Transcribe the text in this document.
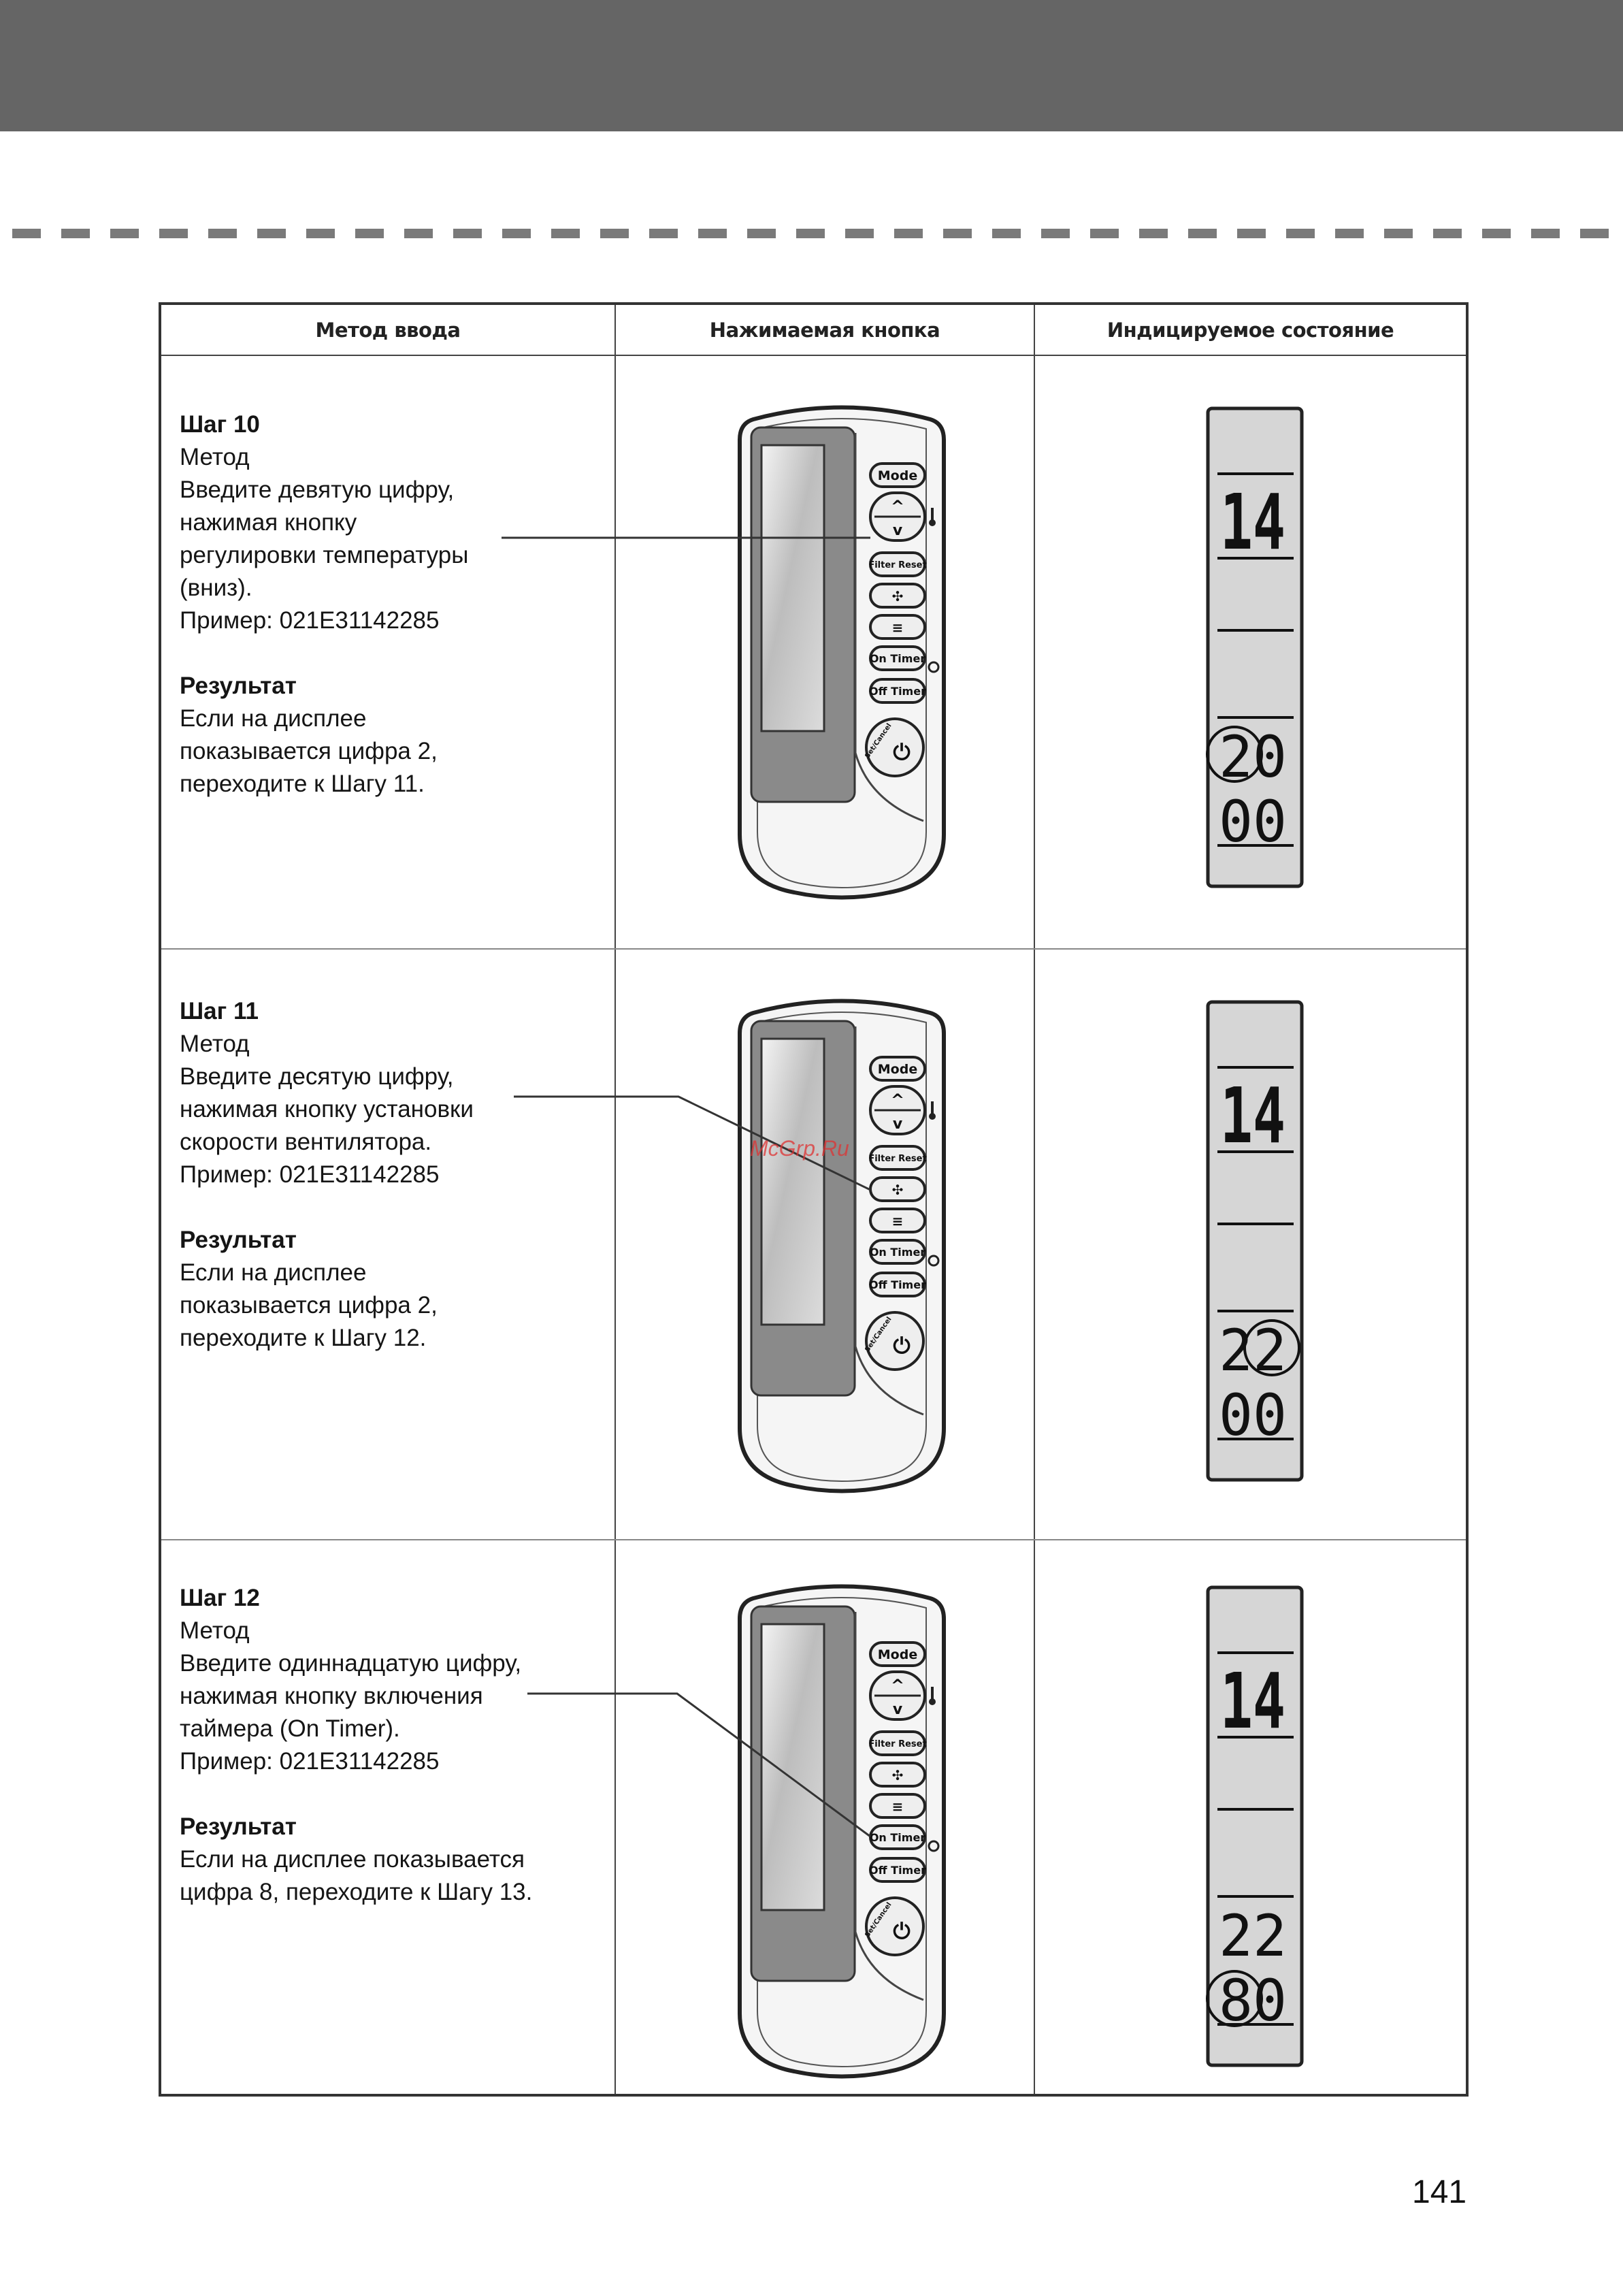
Метод ввода	Нажимаемая кнопка	Индицируемое состояние

Шаг 10

Метод

Введите девятую цифру,

нажимая кнопку

регулировки температуры

(вниз).

Пример: 021E31142285

Результат

Если на дисплее

показывается цифра 2,

переходите к Шагу 11.

Шаг 11

Метод

Введите десятую цифру,

нажимая кнопку установки

скорости вентилятора.

Пример: 021E31142285

Результат

Если на дисплее

показывается цифра 2,

переходите к Шагу 12.

Шаг 12

Метод

Введите одиннадцатую цифру,

нажимая кнопку включения

таймера (On Timer).

Пример: 021E31142285

Результат

Если на дисплее показывается

цифра 8, переходите к Шагу 13.

Mode
^
v
Filter Reset
✣
≡
On Timer
Off Timer
⏻
Set/Cancel
Mode
^
v
Filter Reset
✣
≡
On Timer
Off Timer
⏻
Set/Cancel
Mode
^
v
Filter Reset
✣
≡
On Timer
Off Timer
⏻
Set/Cancel
14
20
00
14
22
00
14
22
80
McGrp.Ru
141
